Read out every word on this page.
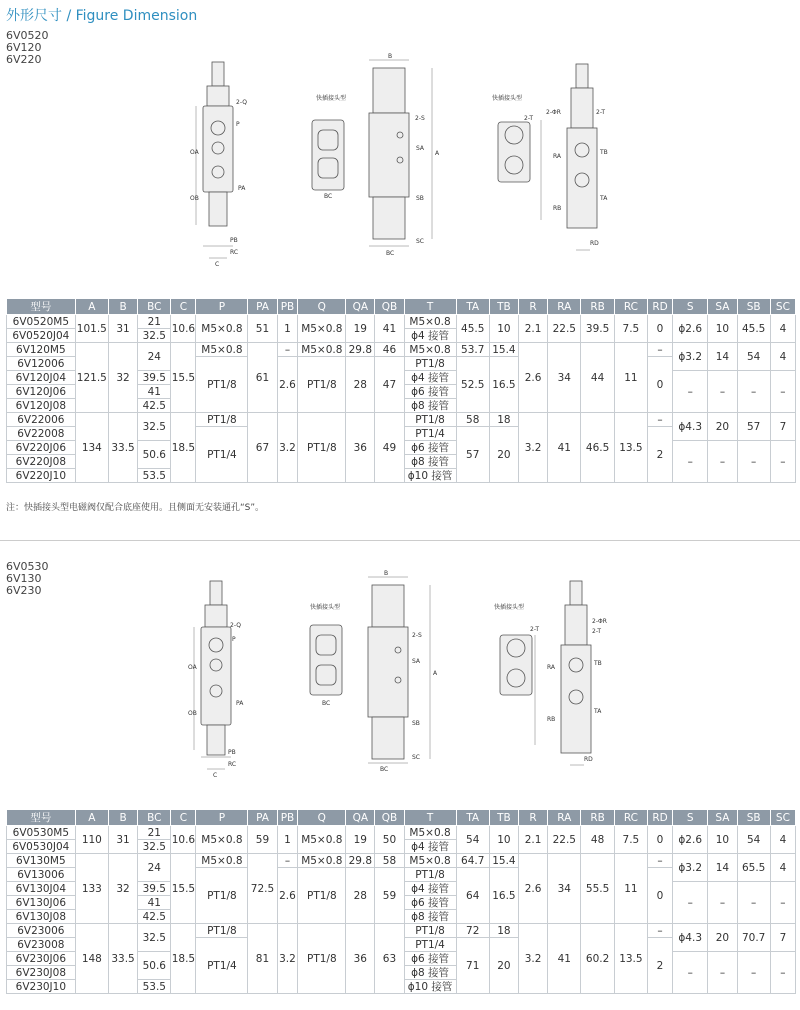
外形尺寸 / Figure Dimension
6V0520
6V120
6V220
2-Q
P
OA
OB
PA
PB
RC
C
快插接头型
BC
B
2-S
SA
A
SB
SC
BC
快插接头型
2-ΦR
2-T
2-T
TB
TA
RA
RB
RD
型号	A	B	BC	C	P	PA	PB	Q	QA	QB	T	TA	TB	R	RA	RB	RC	RD	S	SA	SB	SC
6V0520M5	101.5	31	21	10.6	M5×0.8	51	1	M5×0.8	19	41	M5×0.8	45.5	10	2.1	22.5	39.5	7.5	0	ϕ2.6	10	45.5	4
6V0520J04			32.5								ϕ4 接管											
6V120M5	121.5	32	24	15.5	M5×0.8	61	–	M5×0.8	29.8	46	M5×0.8	53.7	15.4	2.6	34	44	11	–	ϕ3.2	14	54	4
6V12006					PT1/8		2.6	PT1/8	28	47	PT1/8	52.5	16.5					0				
6V120J04			39.5								ϕ4 接管								–	–	–	–
6V120J06			41								ϕ6 接管											
6V120J08			42.5								ϕ8 接管											
6V22006	134	33.5	32.5	18.5	PT1/8	67	3.2	PT1/8	36	49	PT1/8	58	18	3.2	41	46.5	13.5	–	ϕ4.3	20	57	7
6V22008					PT1/4						PT1/4	57	20					2				
6V220J06			50.6								ϕ6 接管								–	–	–	–
6V220J08											ϕ8 接管											
6V220J10			53.5								ϕ10 接管											
注：快插接头型电磁阀仅配合底座使用。且侧面无安装通孔“S”。
6V0530
6V130
6V230
2-Q
P
OA
OB
PA
PB
C
RC
快插接头型
BC
B
2-S
SA
A
SB
SC
BC
快插接头型
2-ΦR
2-T	2-T
TB
TA
RA
RB
RD
型号	A	B	BC	C	P	PA	PB	Q	QA	QB	T	TA	TB	R	RA	RB	RC	RD	S	SA	SB	SC
6V0530M5	110	31	21	10.6	M5×0.8	59	1	M5×0.8	19	50	M5×0.8	54	10	2.1	22.5	48	7.5	0	ϕ2.6	10	54	4
6V0530J04			32.5								ϕ4 接管											
6V130M5	133	32	24	15.5	M5×0.8	72.5	–	M5×0.8	29.8	58	M5×0.8	64.7	15.4	2.6	34	55.5	11	–	ϕ3.2	14	65.5	4
6V13006					PT1/8		2.6	PT1/8	28	59	PT1/8	64	16.5					0				
6V130J04			39.5								ϕ4 接管								–	–	–	–
6V130J06			41								ϕ6 接管											
6V130J08			42.5								ϕ8 接管											
6V23006	148	33.5	32.5	18.5	PT1/8	81	3.2	PT1/8	36	63	PT1/8	72	18	3.2	41	60.2	13.5	–	ϕ4.3	20	70.7	7
6V23008					PT1/4						PT1/4	71	20					2				
6V230J06			50.6								ϕ6 接管								–	–	–	–
6V230J08											ϕ8 接管											
6V230J10			53.5								ϕ10 接管											
